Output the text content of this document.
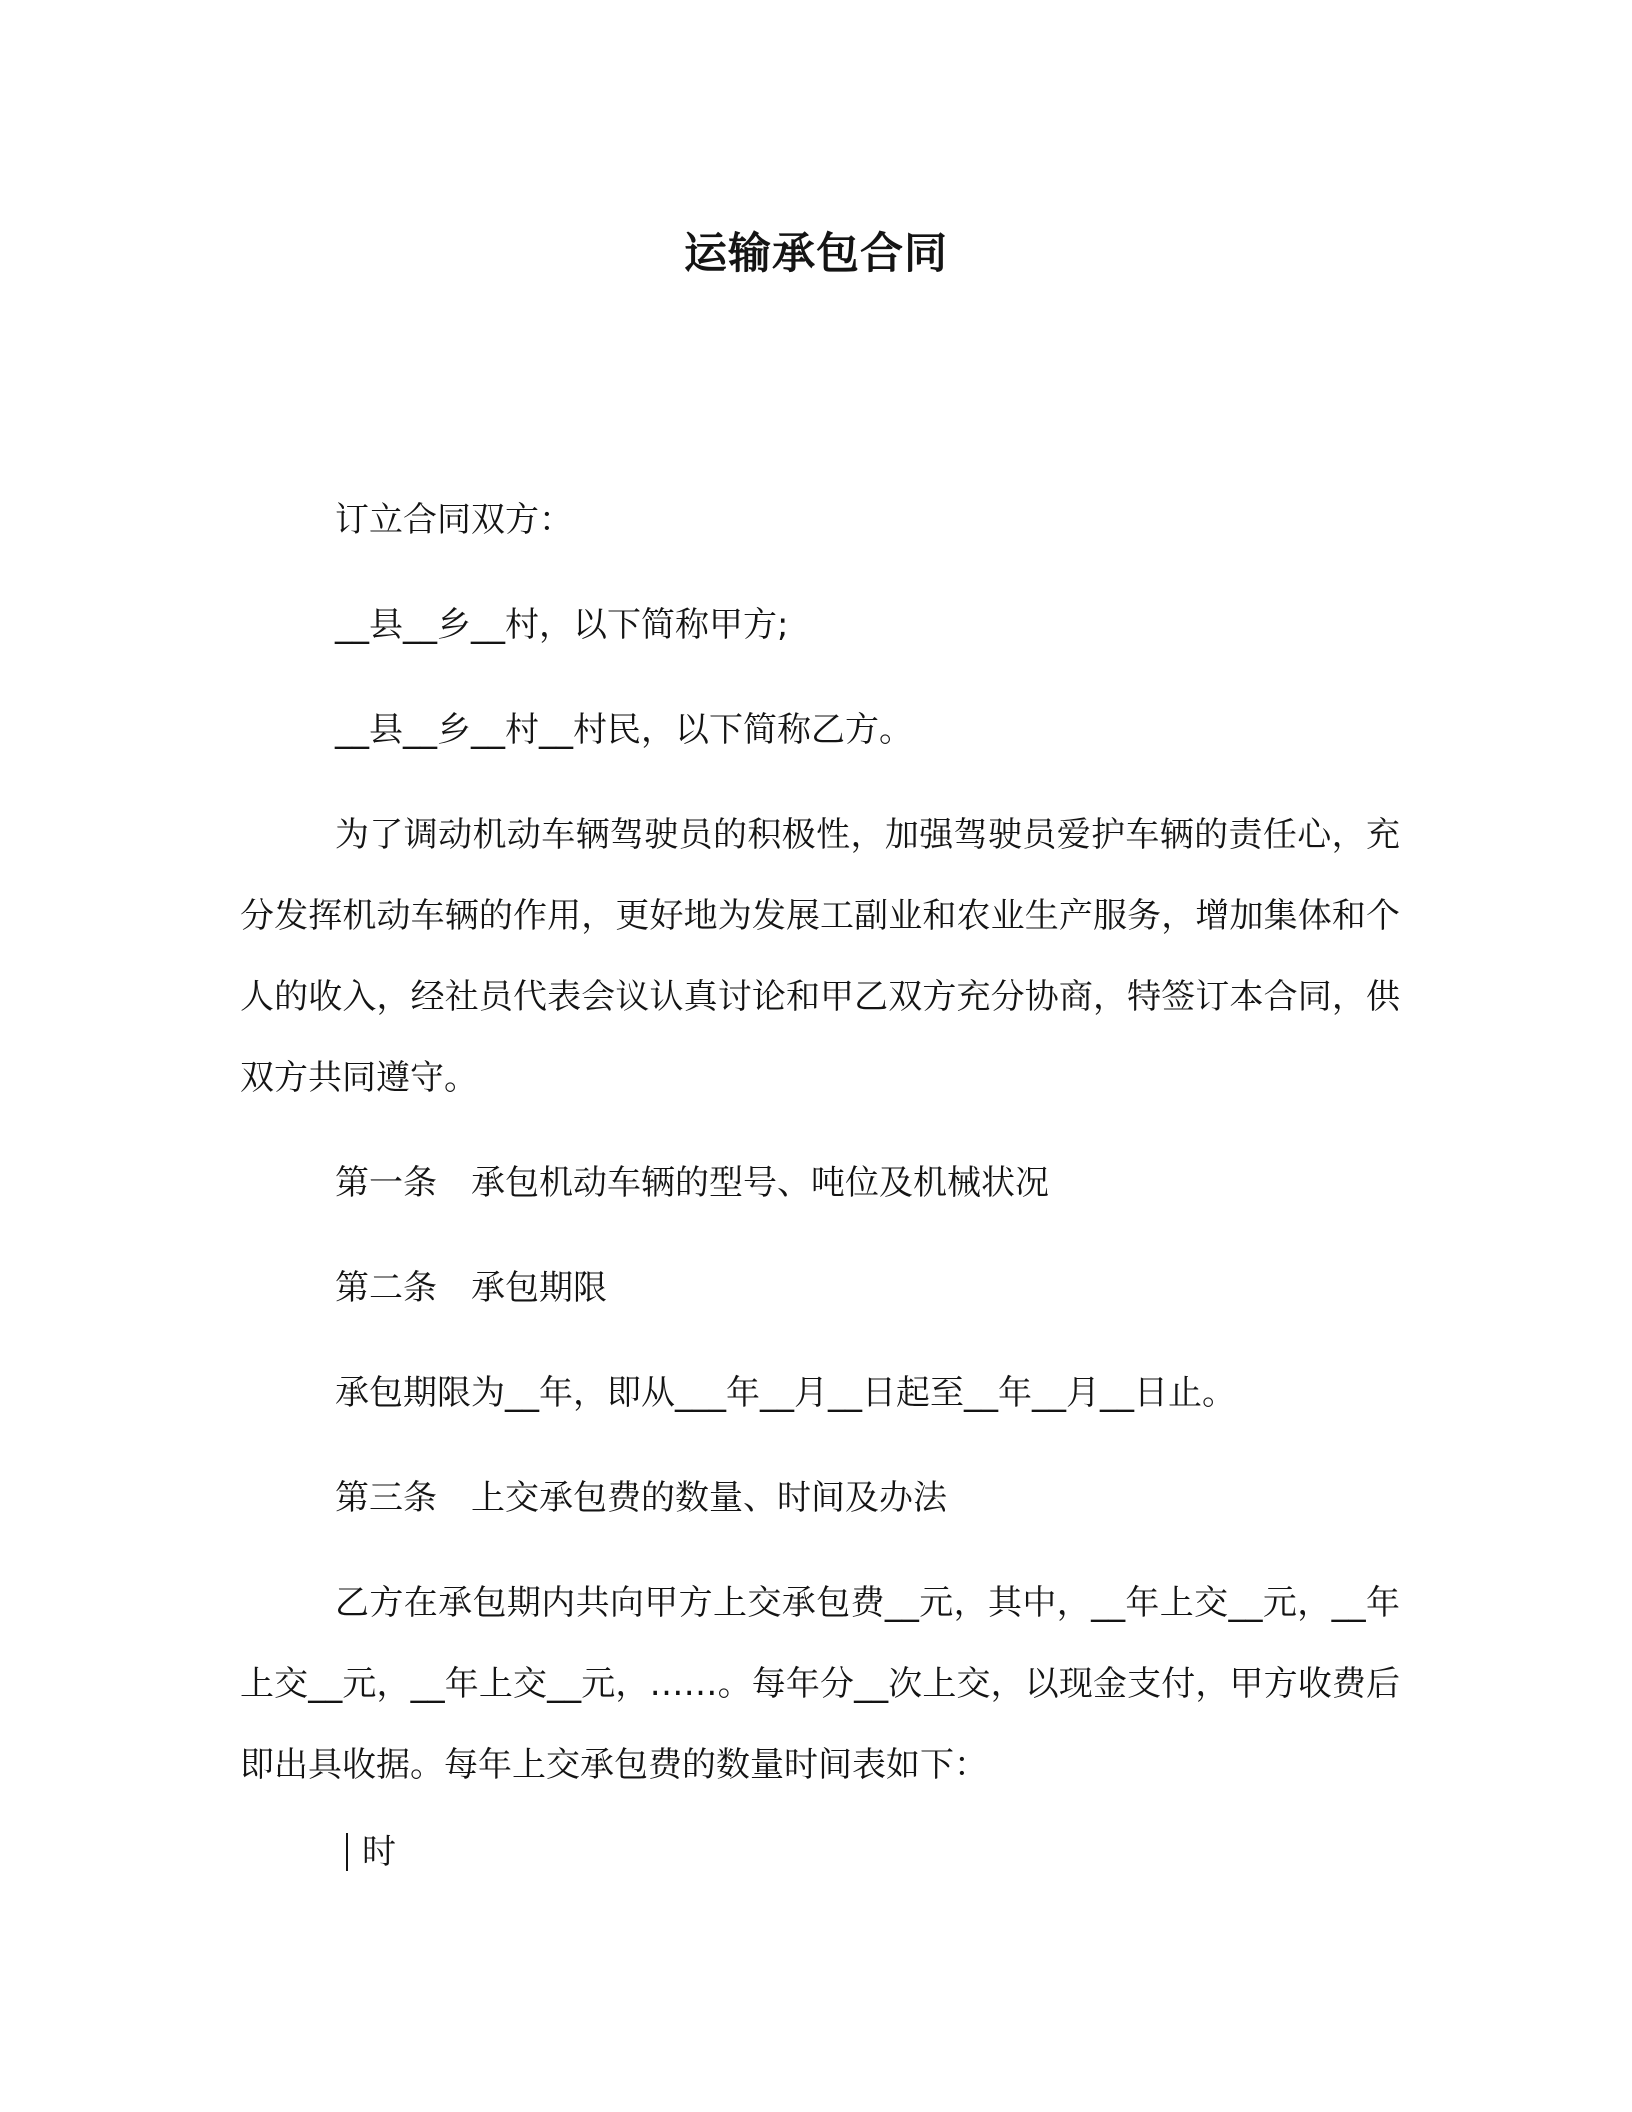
运输承包合同

订立合同双方：

__县__乡__村，以下简称甲方;

__县__乡__村__村民，以下简称乙方。

为了调动机动车辆驾驶员的积极性，加强驾驶员爱护车辆的责任心，充分发挥机动车辆的作用，更好地为发展工副业和农业生产服务，增加集体和个人的收入，经社员代表会议认真讨论和甲乙双方充分协商，特签订本合同，供双方共同遵守。

第一条　承包机动车辆的型号、吨位及机械状况

第二条　承包期限

承包期限为__年，即从___年__月__日起至__年__月__日止。

第三条　上交承包费的数量、时间及办法

乙方在承包期内共向甲方上交承包费__元，其中，__年上交__元，__年上交__元，__年上交__元，……。每年分__次上交，以现金支付，甲方收费后即出具收据。每年上交承包费的数量时间表如下：

时
